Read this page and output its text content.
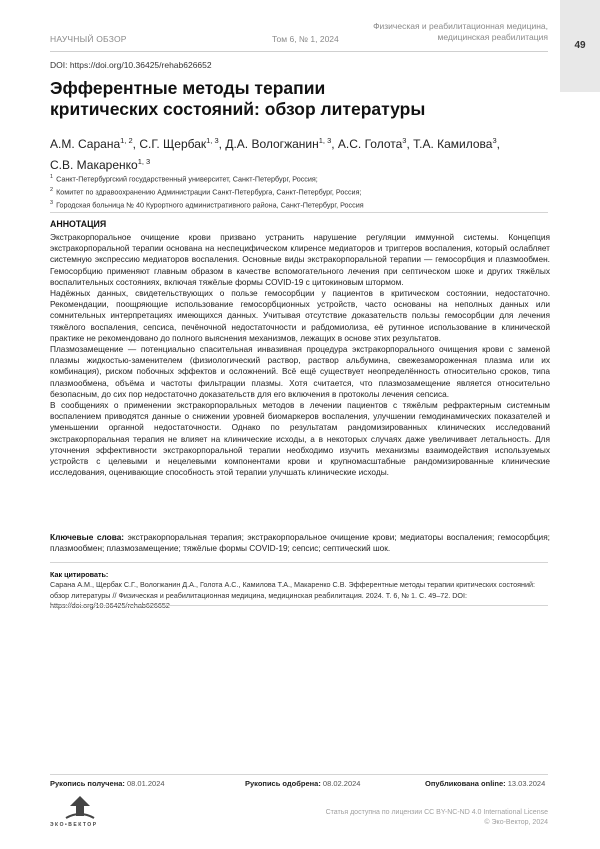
НАУЧНЫЙ ОБЗОР	Том 6, № 1, 2024
Физическая и реабилитационная медицина,
медицинская реабилитация
49
DOI: https://doi.org/10.36425/rehab626652
Эфферентные методы терапии
критических состояний: обзор литературы
А.М. Сарана$^{1, 2}$, С.Г. Щербак$^{1, 3}$, Д.А. Вологжанин$^{1, 3}$, А.С. Голота$^3$, Т.А. Камилова$^3$,
С.В. Макаренко$^{1, 3}$
$^1$ Санкт-Петербургский государственный университет, Санкт-Петербург, Россия;
$^2$ Комитет по здравоохранению Администрации Санкт-Петербурга, Санкт-Петербург, Россия;
$^3$ Городская больница № 40 Курортного административного района, Санкт-Петербург, Россия
АННОТАЦИЯ

Экстракорпоральное очищение крови призвано устранить нарушение регуляции иммунной системы. Концепция экстракорпоральной терапии основана на неспецифическом клиренсе медиаторов и триггеров воспаления, который ослабляет системную экспрессию медиаторов воспаления. Основные виды экстракорпоральной терапии — гемосорбция и плазмообмен. Гемосорбцию применяют главным образом в качестве вспомогательного лечения при септическом шоке и других тяжёлых воспалительных состояниях, включая тяжёлые формы COVID-19 с цитокиновым штормом.

Надёжных данных, свидетельствующих о пользе гемосорбции у пациентов в критическом состоянии, недостаточно. Рекомендации, поощряющие использование гемосорбционных устройств, часто основаны на неполных данных или сомнительных интерпретациях имеющихся данных. Учитывая отсутствие доказательств пользы гемосорбции для лечения тяжёлого воспаления, сепсиса, печёночной недостаточности и рабдомиолиза, её рутинное использование в клинической практике не рекомендовано до полного выяснения механизмов, лежащих в основе этих результатов.

Плазмозамещение — потенциально спасительная инвазивная процедура экстракорпорального очищения крови с заменой плазмы жидкостью-заменителем (физиологический раствор, раствор альбумина, свежезамороженная плазма или их комбинация), риском побочных эффектов и осложнений. Всё ещё существует неопределённость относительно сроков, типа плазмообмена, объёма и частоты фильтрации плазмы. Хотя считается, что плазмозамещение является относительно безопасным, до сих пор недостаточно доказательств для его включения в протоколы лечения сепсиса.

В сообщениях о применении экстракорпоральных методов в лечении пациентов с тяжёлым рефрактерным системным воспалением приводятся данные о снижении уровней биомаркеров воспаления, улучшении гемодинамических показателей и уменьшении органной недостаточности. Однако по результатам рандомизированных клинических исследований экстракорпоральная терапия не влияет на клинические исходы, а в некоторых случаях даже увеличивает летальность. Для уточнения эффективности экстракорпоральной терапии необходимо изучить механизмы взаимодействия используемых устройств с целевыми и нецелевыми компонентами крови и крупномасштабные рандомизированные клинические исследования, оценивающие способность этой терапии улучшать клинические исходы.

Ключевые слова: экстракорпоральная терапия; экстракорпоральное очищение крови; медиаторы воспаления; гемосорбция; плазмообмен; плазмозамещение; тяжёлые формы COVID-19; сепсис; септический шок.

Как цитировать:

Сарана А.М., Щербак С.Г., Вологжанин Д.А., Голота А.С., Камилова Т.А., Макаренко С.В. Эфферентные методы терапии критических состояний: обзор литературы // Физическая и реабилитационная медицина, медицинская реабилитация. 2024. Т. 6, № 1. С. 49–72. DOI: https://doi.org/10.36425/rehab626652

Рукопись получена: 08.01.2024	Рукопись одобрена: 08.02.2024	Опубликована online: 13.03.2024
ЭКО•ВЕКТОР
Статья доступна по лицензии CC BY-NC-ND 4.0 International License
© Эко-Вектор, 2024
